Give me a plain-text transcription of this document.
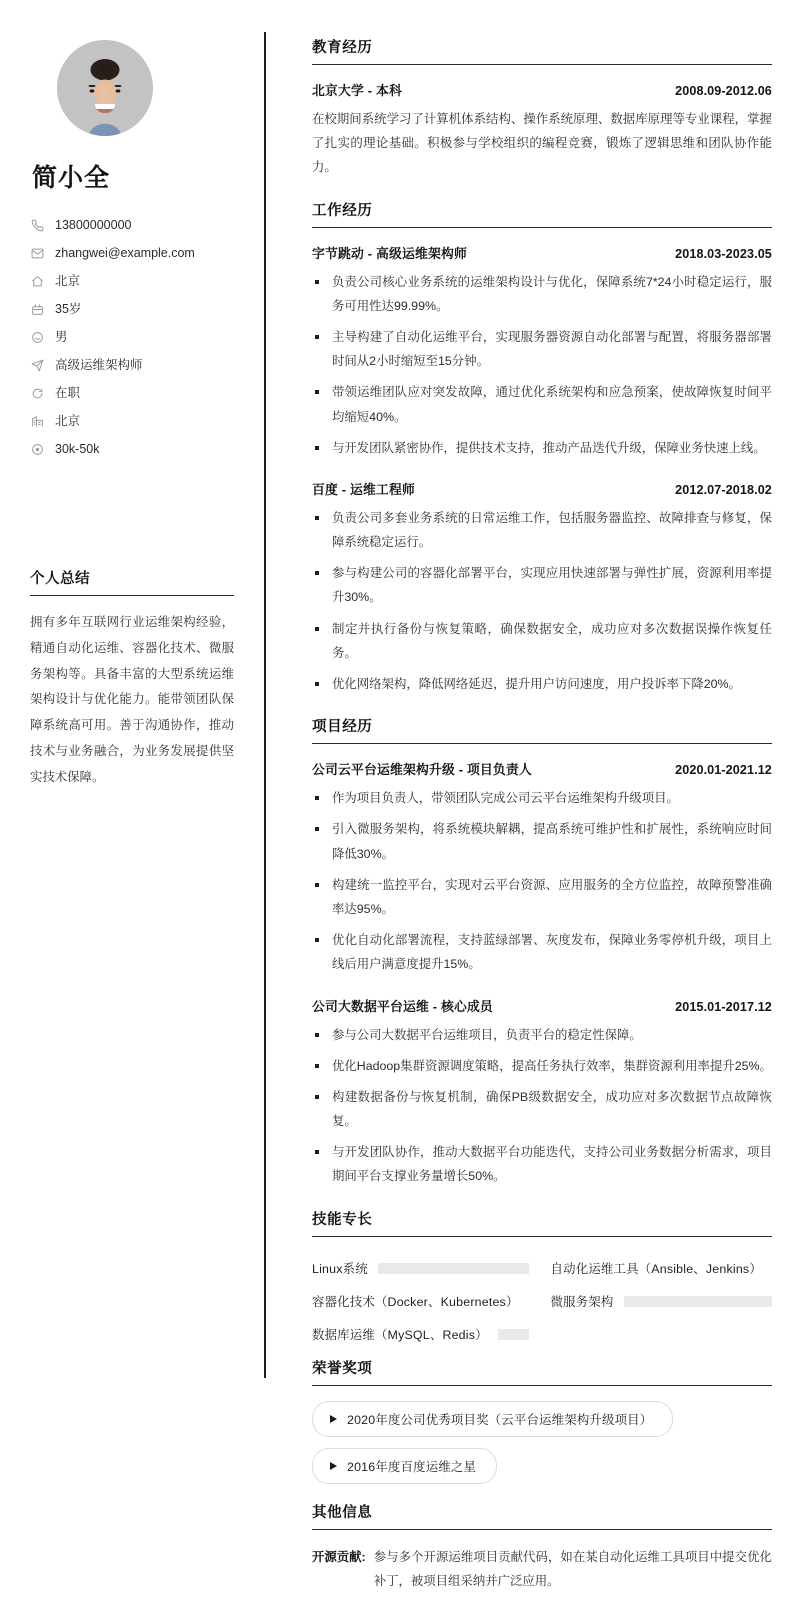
简小全
13800000000
zhangwei@example.com
北京
35岁
男
高级运维架构师
在职
北京
30k-50k
个人总结

拥有多年互联网行业运维架构经验，精通自动化运维、容器化技术、微服务架构等。具备丰富的大型系统运维架构设计与优化能力。能带领团队保障系统高可用。善于沟通协作，推动技术与业务融合，为业务发展提供坚实技术保障。

教育经历
北京大学 - 本科	2008.09-2012.06

在校期间系统学习了计算机体系结构、操作系统原理、数据库原理等专业课程，掌握了扎实的理论基础。积极参与学校组织的编程竞赛，锻炼了逻辑思维和团队协作能力。

工作经历
字节跳动 - 高级运维架构师	2018.03-2023.05
负责公司核心业务系统的运维架构设计与优化，保障系统7*24小时稳定运行，服务可用性达99.99%。
主导构建了自动化运维平台，实现服务器资源自动化部署与配置，将服务器部署时间从2小时缩短至15分钟。
带领运维团队应对突发故障，通过优化系统架构和应急预案，使故障恢复时间平均缩短40%。
与开发团队紧密协作，提供技术支持，推动产品迭代升级，保障业务快速上线。
百度 - 运维工程师	2012.07-2018.02
负责公司多套业务系统的日常运维工作，包括服务器监控、故障排查与修复，保障系统稳定运行。
参与构建公司的容器化部署平台，实现应用快速部署与弹性扩展，资源利用率提升30%。
制定并执行备份与恢复策略，确保数据安全，成功应对多次数据误操作恢复任务。
优化网络架构，降低网络延迟，提升用户访问速度，用户投诉率下降20%。
项目经历
公司云平台运维架构升级 - 项目负责人	2020.01-2021.12
作为项目负责人，带领团队完成公司云平台运维架构升级项目。
引入微服务架构，将系统模块解耦，提高系统可维护性和扩展性，系统响应时间降低30%。
构建统一监控平台，实现对云平台资源、应用服务的全方位监控，故障预警准确率达95%。
优化自动化部署流程，支持蓝绿部署、灰度发布，保障业务零停机升级，项目上线后用户满意度提升15%。
公司大数据平台运维 - 核心成员	2015.01-2017.12
参与公司大数据平台运维项目，负责平台的稳定性保障。
优化Hadoop集群资源调度策略，提高任务执行效率，集群资源利用率提升25%。
构建数据备份与恢复机制，确保PB级数据安全，成功应对多次数据节点故障恢复。
与开发团队协作，推动大数据平台功能迭代，支持公司业务数据分析需求，项目期间平台支撑业务量增长50%。
技能专长
Linux系统	自动化运维工具（Ansible、Jenkins）
容器化技术（Docker、Kubernetes）	微服务架构
数据库运维（MySQL、Redis）
荣誉奖项
2020年度公司优秀项目奖（云平台运维架构升级项目）
2016年度百度运维之星
其他信息
开源贡献: 参与多个开源运维项目贡献代码，如在某自动化运维工具项目中提交优化补丁，被项目组采纳并广泛应用。
